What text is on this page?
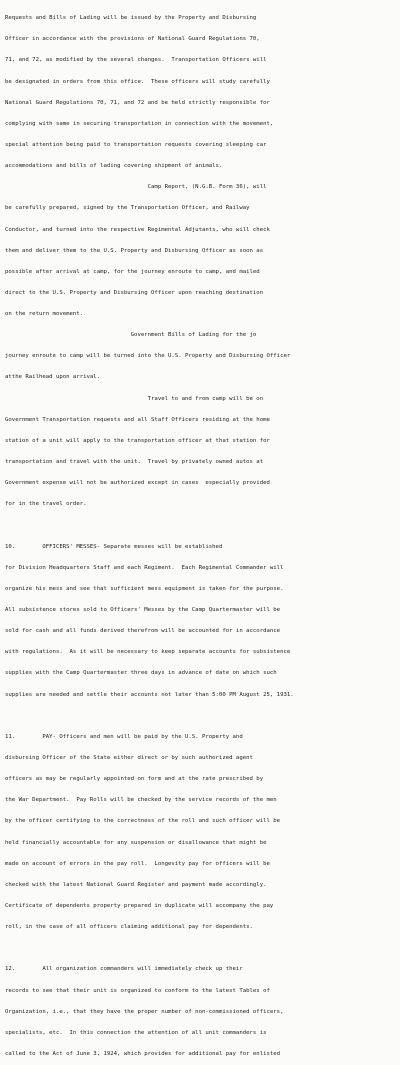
Requests and Bills of Lading will be issued by the Property and Disbursing

Officer in accordance with the provisions of National Guard Regulations 70,

71, and 72, as modified by the several changes.  Transportation Officers will

be designated in orders from this office.  These officers will study carefully

National Guard Regulations 70, 71, and 72 and be held strictly responsible for

complying with same in securing transportation in connection with the movement,

special attention being paid to transportation requests covering sleeping car

accommodations and bills of lading covering shipment of animals.

Camp Report, (N.G.B. Form 36), will

be carefully prepared, signed by the Transportation Officer, and Railway

Conductor, and turned into the respective Regimental Adjutants, who will check

them and deliver them to the U.S. Property and Disbursing Officer as soon as

possible after arrival at camp, for the journey enroute to camp, and mailed

direct to the U.S. Property and Disbursing Officer upon reaching destination

on the return movement.

Government Bills of Lading for the jo

journey enroute to camp will be turned into the U.S. Property and Disbursing Officer

atthe Railhead upon arrival.

Travel to and from camp will be on

Government Transportation requests and all Staff Officers residing at the home

station of a unit will apply to the transportation officer at that station for

transportation and travel with the unit.  Travel by privately owned autos at

Government expense will not be authorized except in cases  especially provided

for in the travel order.

10.        OFFICERS' MESSES- Separate messes will be established

for Division Headquarters Staff and each Regiment.  Each Regimental Commander will

organize his mess and see that sufficient mess equipment is taken for the purpose.

All subsistence stores sold to Officers' Messes by the Camp Quartermaster will be

sold for cash and all funds derived therefrom will be accounted for in accordance

with regulations.  As it will be necessary to keep separate accounts for subsistence

supplies with the Camp Quartermaster three days in advance of date on which such

supplies are needed and settle their accounts not later than 5:00 PM August 25, 1931.

11.        PAY- Officers and men will be paid by the U.S. Property and

disbursing Officer of the State either direct or by such authorized agent

officers as may be regularly appointed on form and at the rate prescribed by

the War Department.  Pay Rolls will be checked by the service records of the men

by the officer certifying to the correctness of the roll and such officer will be

held financially accountable for any suspension or disallowance that might be

made on account of errors in the pay roll.  Longevity pay for officers will be

checked with the latest National Guard Register and payment made accordingly.

Certificate of dependents property prepared in duplicate will accompany the pay

roll, in the case of all officers claiming additional pay for dependents.

12.        All organization commanders will immediately check up their

records to see that their unit is organized to conform to the latest Tables of

Organization, i.e., that they have the proper number of non-commissioned officers,

specialists, etc.  In this connection the attention of all unit commanders is

called to the Act of June 3, 1924, which provides for additional pay for enlisted
